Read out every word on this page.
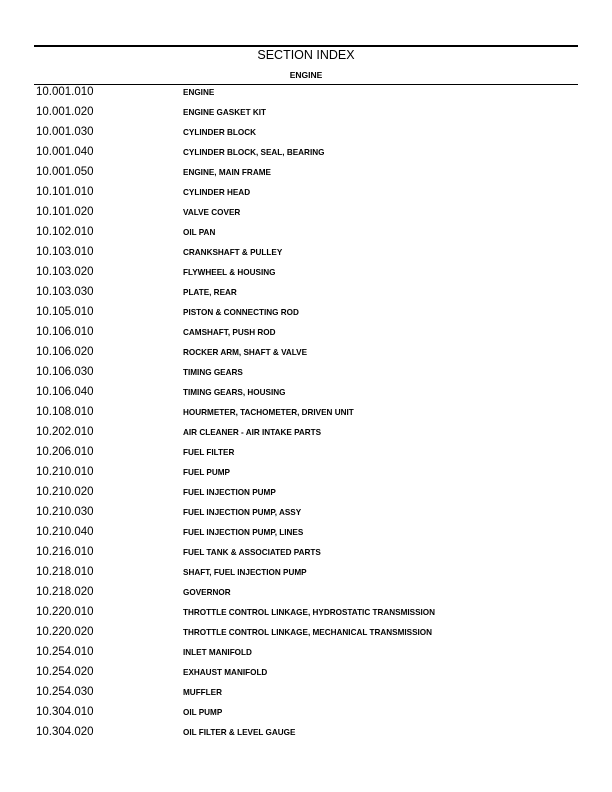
SECTION INDEX
ENGINE
10.001.010	ENGINE
10.001.020	ENGINE GASKET KIT
10.001.030	CYLINDER BLOCK
10.001.040	CYLINDER BLOCK, SEAL, BEARING
10.001.050	ENGINE, MAIN FRAME
10.101.010	CYLINDER HEAD
10.101.020	VALVE COVER
10.102.010	OIL PAN
10.103.010	CRANKSHAFT & PULLEY
10.103.020	FLYWHEEL & HOUSING
10.103.030	PLATE, REAR
10.105.010	PISTON & CONNECTING ROD
10.106.010	CAMSHAFT, PUSH ROD
10.106.020	ROCKER ARM, SHAFT & VALVE
10.106.030	TIMING GEARS
10.106.040	TIMING GEARS, HOUSING
10.108.010	HOURMETER, TACHOMETER, DRIVEN UNIT
10.202.010	AIR CLEANER - AIR INTAKE PARTS
10.206.010	FUEL FILTER
10.210.010	FUEL PUMP
10.210.020	FUEL INJECTION PUMP
10.210.030	FUEL INJECTION PUMP, ASSY
10.210.040	FUEL INJECTION PUMP, LINES
10.216.010	FUEL TANK & ASSOCIATED PARTS
10.218.010	SHAFT, FUEL INJECTION PUMP
10.218.020	GOVERNOR
10.220.010	THROTTLE CONTROL LINKAGE, HYDROSTATIC TRANSMISSION
10.220.020	THROTTLE CONTROL LINKAGE, MECHANICAL TRANSMISSION
10.254.010	INLET MANIFOLD
10.254.020	EXHAUST MANIFOLD
10.254.030	MUFFLER
10.304.010	OIL PUMP
10.304.020	OIL FILTER & LEVEL GAUGE
